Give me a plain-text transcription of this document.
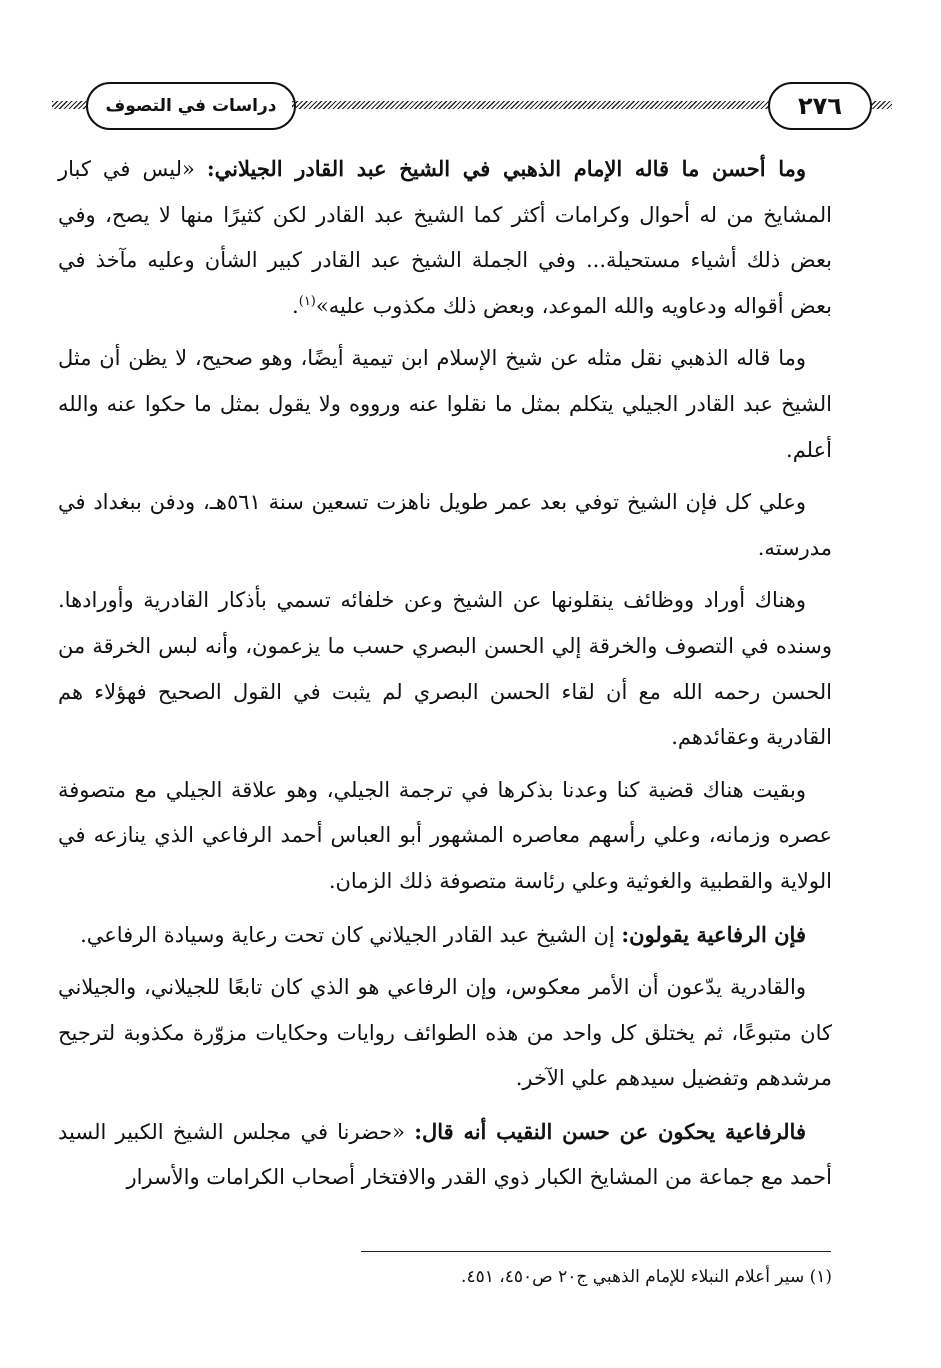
دراسات في التصوف	٢٧٦

وما أحسن ما قاله الإمام الذهبي في الشيخ عبد القادر الجيلاني: «ليس في كبار المشايخ من له أحوال وكرامات أكثر كما الشيخ عبد القادر لكن كثيرًا منها لا يصح، وفي بعض ذلك أشياء مستحيلة... وفي الجملة الشيخ عبد القادر كبير الشأن وعليه مآخذ في بعض أقواله ودعاويه والله الموعد، وبعض ذلك مكذوب عليه»$^{(١)}$.

وما قاله الذهبي نقل مثله عن شيخ الإسلام ابن تيمية أيضًا، وهو صحيح، لا يظن أن مثل الشيخ عبد القادر الجيلي يتكلم بمثل ما نقلوا عنه ورووه ولا يقول بمثل ما حكوا عنه والله أعلم.

وعلي كل فإن الشيخ توفي بعد عمر طويل ناهزت تسعين سنة ٥٦١هـ، ودفن ببغداد في مدرسته.

وهناك أوراد ووظائف ينقلونها عن الشيخ وعن خلفائه تسمي بأذكار القادرية وأورادها. وسنده في التصوف والخرقة إلي الحسن البصري حسب ما يزعمون، وأنه لبس الخرقة من الحسن رحمه الله مع أن لقاء الحسن البصري لم يثبت في القول الصحيح فهؤلاء هم القادرية وعقائدهم.

وبقيت هناك قضية كنا وعدنا بذكرها في ترجمة الجيلي، وهو علاقة الجيلي مع متصوفة عصره وزمانه، وعلي رأسهم معاصره المشهور أبو العباس أحمد الرفاعي الذي ينازعه في الولاية والقطبية والغوثية وعلي رئاسة متصوفة ذلك الزمان.

فإن الرفاعية يقولون: إن الشيخ عبد القادر الجيلاني كان تحت رعاية وسيادة الرفاعي.

والقادرية يدّعون أن الأمر معكوس، وإن الرفاعي هو الذي كان تابعًا للجيلاني، والجيلاني كان متبوعًا، ثم يختلق كل واحد من هذه الطوائف روايات وحكايات مزوّرة مكذوبة لترجيح مرشدهم وتفضيل سيدهم علي الآخر.

فالرفاعية يحكون عن حسن النقيب أنه قال: «حضرنا في مجلس الشيخ الكبير السيد أحمد مع جماعة من المشايخ الكبار ذوي القدر والافتخار أصحاب الكرامات والأسرار

(١) سير أعلام النبلاء للإمام الذهبي ج٢٠ ص٤٥٠، ٤٥١.
